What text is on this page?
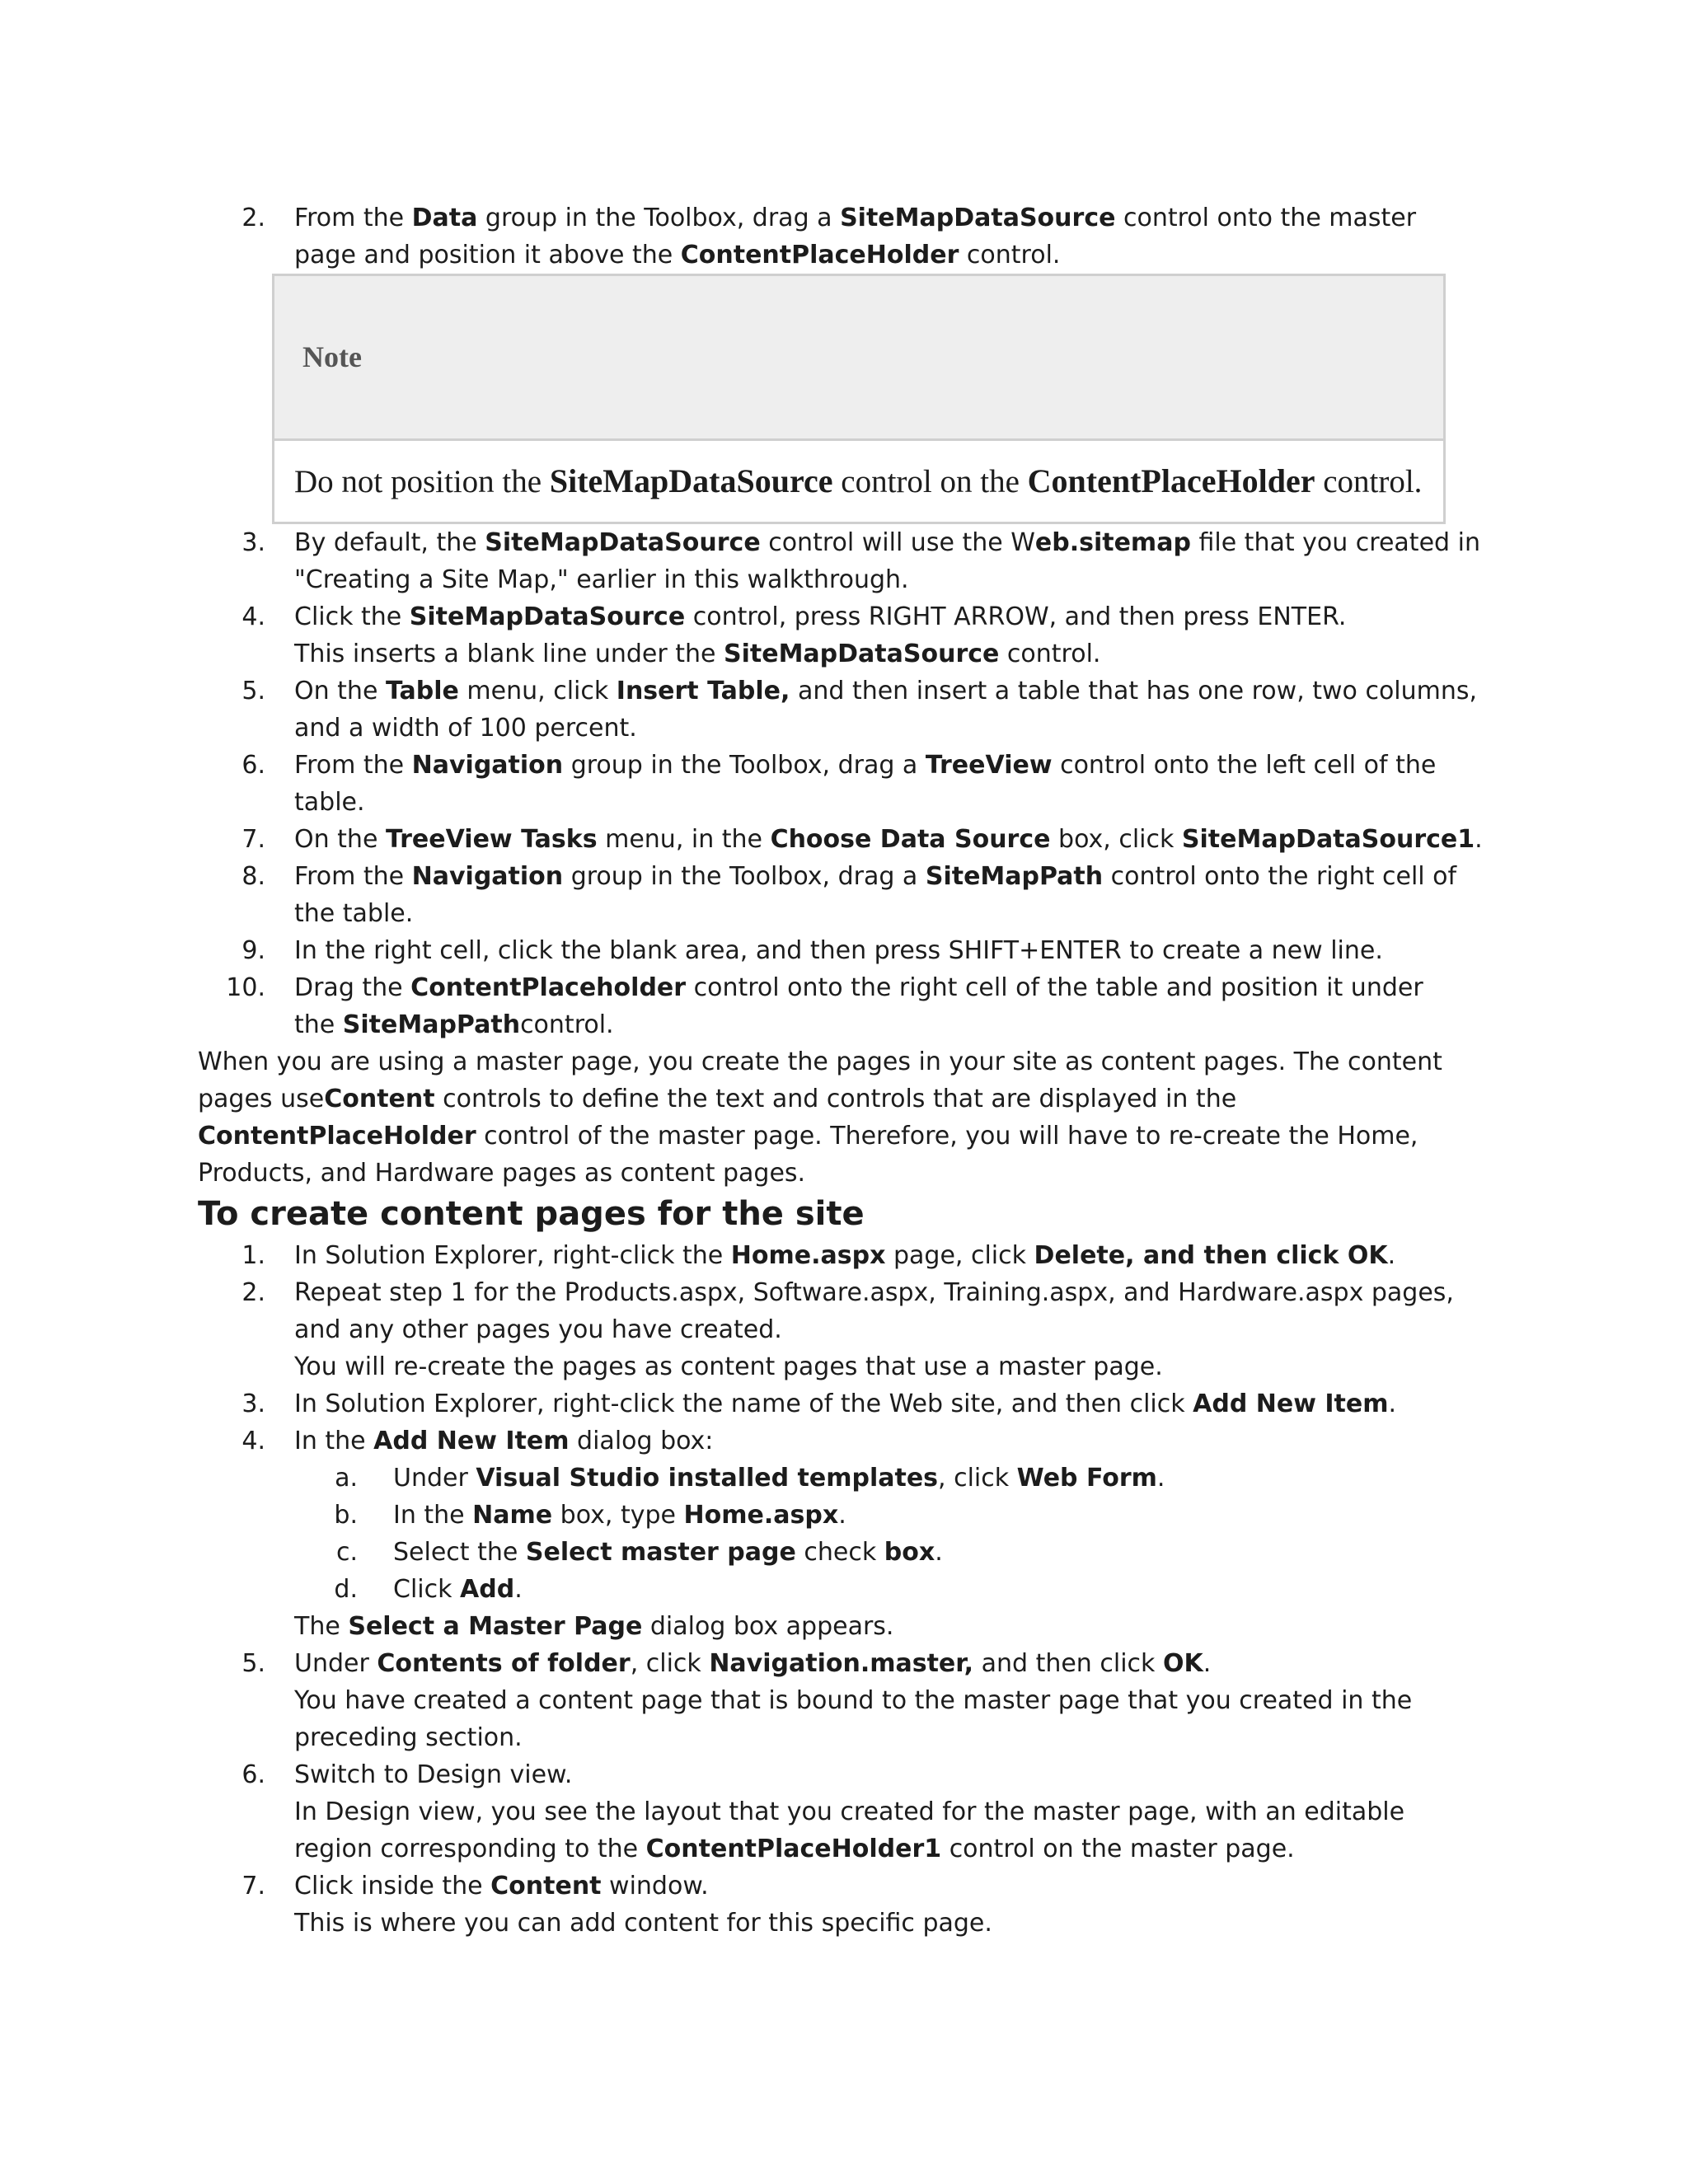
2. From the Data group in the Toolbox, drag a SiteMapDataSource control onto the master page and position it above the ContentPlaceHolder control.
Note
Do not position the SiteMapDataSource control on the ContentPlaceHolder control.
3. By default, the SiteMapDataSource control will use the Web.sitemap file that you created in "Creating a Site Map," earlier in this walkthrough.
4. Click the SiteMapDataSource control, press RIGHT ARROW, and then press ENTER.
This inserts a blank line under the SiteMapDataSource control.
5. On the Table menu, click Insert Table, and then insert a table that has one row, two columns, and a width of 100 percent.
6. From the Navigation group in the Toolbox, drag a TreeView control onto the left cell of the table.
7. On the TreeView Tasks menu, in the Choose Data Source box, click SiteMapDataSource1.
8. From the Navigation group in the Toolbox, drag a SiteMapPath control onto the right cell of the table.
9. In the right cell, click the blank area, and then press SHIFT+ENTER to create a new line.
10. Drag the ContentPlaceholder control onto the right cell of the table and position it under
the SiteMapPathcontrol.

When you are using a master page, you create the pages in your site as content pages. The content pages useContent controls to define the text and controls that are displayed in the ContentPlaceHolder control of the master page. Therefore, you will have to re-create the Home, Products, and Hardware pages as content pages.

To create content pages for the site
1. In Solution Explorer, right-click the Home.aspx page, click Delete, and then click OK.
2. Repeat step 1 for the Products.aspx, Software.aspx, Training.aspx, and Hardware.aspx pages, and any other pages you have created.
You will re-create the pages as content pages that use a master page.
3. In Solution Explorer, right-click the name of the Web site, and then click Add New Item.
4. In the Add New Item dialog box:
a. Under Visual Studio installed templates, click Web Form.
b. In the Name box, type Home.aspx.
c. Select the Select master page check box.
d. Click Add.
The Select a Master Page dialog box appears.
5. Under Contents of folder, click Navigation.master, and then click OK.
You have created a content page that is bound to the master page that you created in the preceding section.
6. Switch to Design view.
In Design view, you see the layout that you created for the master page, with an editable region corresponding to the ContentPlaceHolder1 control on the master page.
7. Click inside the Content window.
This is where you can add content for this specific page.
